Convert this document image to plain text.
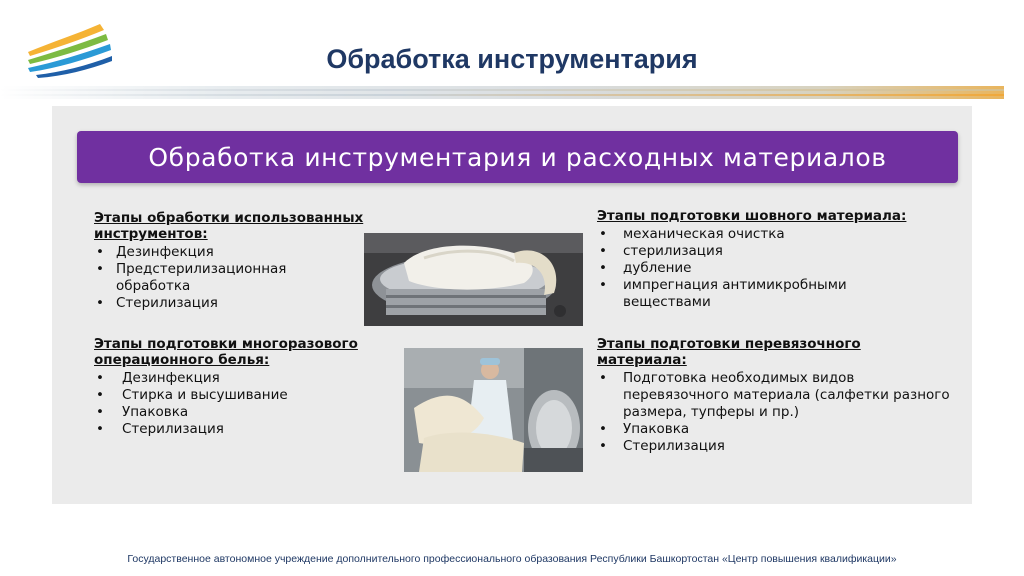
Обработка инструментария
Обработка инструментария и расходных материалов
Этапы обработки использованных инструментов:
• Дезинфекция
• Предстерилизационная обработка
• Стерилизация
Этапы подготовки многоразового операционного белья:
• Дезинфекция
• Стирка и высушивание
• Упаковка
• Стерилизация
Этапы подготовки шовного материала:
• механическая очистка
• стерилизация
• дубление
• импрегнация антимикробными веществами
Этапы подготовки перевязочного материала:
• Подготовка необходимых видов перевязочного материала (салфетки разного размера, тупферы и пр.)
• Упаковка
• Стерилизация
Государственное автономное учреждение дополнительного профессионального образования Республики Башкортостан «Центр повышения квалификации»
